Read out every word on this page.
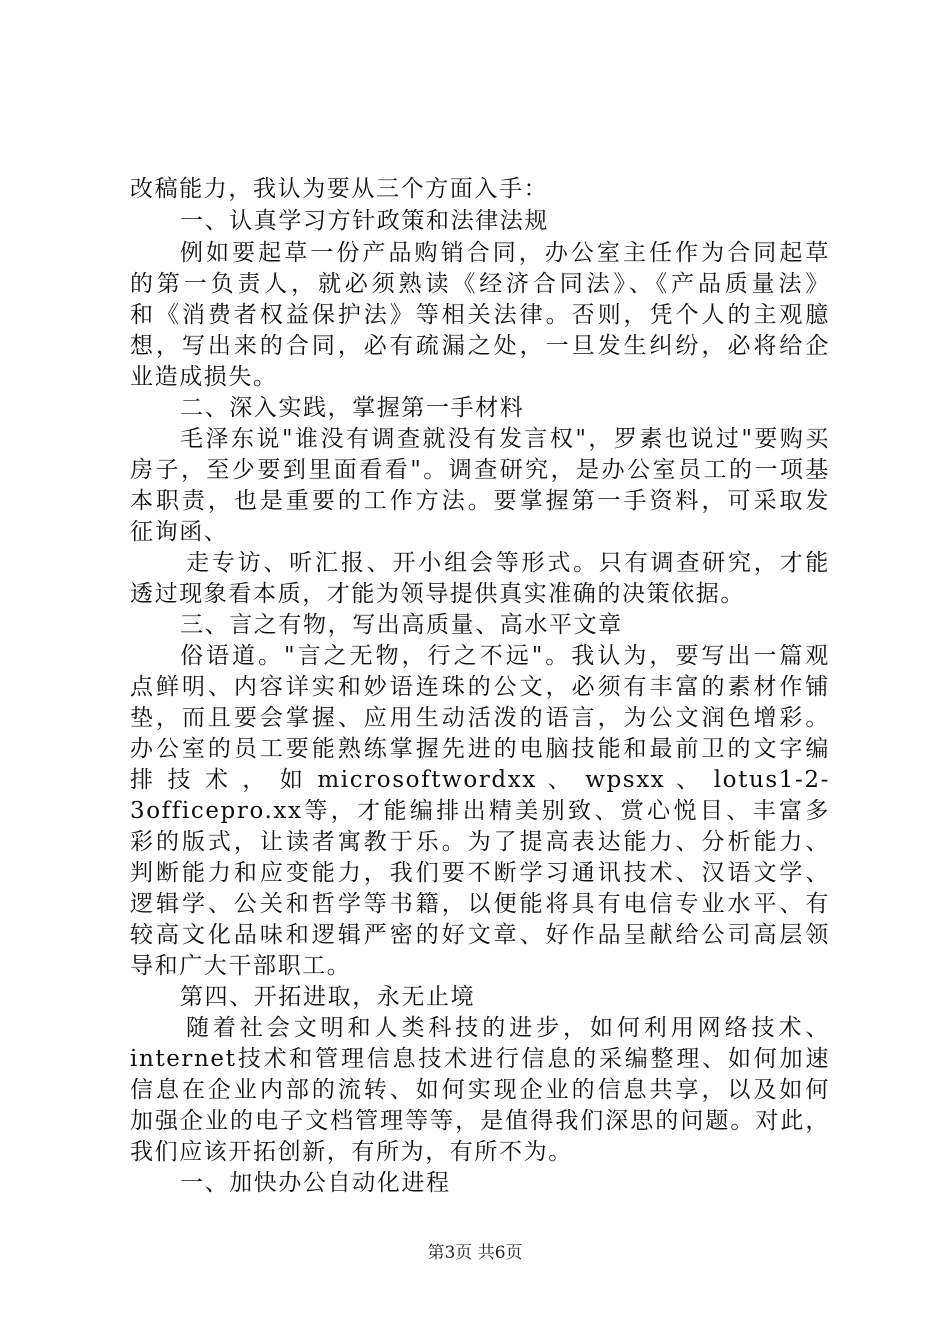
改稿能力，我认为要从三个方面入手：
一、认真学习方针政策和法律法规
例如要起草一份产品购销合同，办公室主任作为合同起草
的第一负责人，就必须熟读《经济合同法》、《产品质量法》
和《消费者权益保护法》等相关法律。否则，凭个人的主观臆
想，写出来的合同，必有疏漏之处，一旦发生纠纷，必将给企
业造成损失。
二、深入实践，掌握第一手材料
毛泽东说"谁没有调查就没有发言权"，罗素也说过"要购买
房子，至少要到里面看看"。调查研究，是办公室员工的一项基
本职责，也是重要的工作方法。要掌握第一手资料，可采取发
征询函、
走专访、听汇报、开小组会等形式。只有调查研究，才能
透过现象看本质，才能为领导提供真实准确的决策依据。
三、言之有物，写出高质量、高水平文章
俗语道。"言之无物，行之不远"。我认为，要写出一篇观
点鲜明、内容详实和妙语连珠的公文，必须有丰富的素材作铺
垫，而且要会掌握、应用生动活泼的语言，为公文润色增彩。
办公室的员工要能熟练掌握先进的电脑技能和最前卫的文字编
排 技 术 ， 如 microsoftwordxx 、 wpsxx 、 lotus1-2-
3officepro.xx等，才能编排出精美别致、赏心悦目、丰富多
彩的版式，让读者寓教于乐。为了提高表达能力、分析能力、
判断能力和应变能力，我们要不断学习通讯技术、汉语文学、
逻辑学、公关和哲学等书籍，以便能将具有电信专业水平、有
较高文化品味和逻辑严密的好文章、好作品呈献给公司高层领
导和广大干部职工。
第四、开拓进取，永无止境
随着社会文明和人类科技的进步，如何利用网络技术、
internet技术和管理信息技术进行信息的采编整理、如何加速
信息在企业内部的流转、如何实现企业的信息共享，以及如何
加强企业的电子文档管理等等，是值得我们深思的问题。对此，
我们应该开拓创新，有所为，有所不为。
一、加快办公自动化进程
第3页 共6页
